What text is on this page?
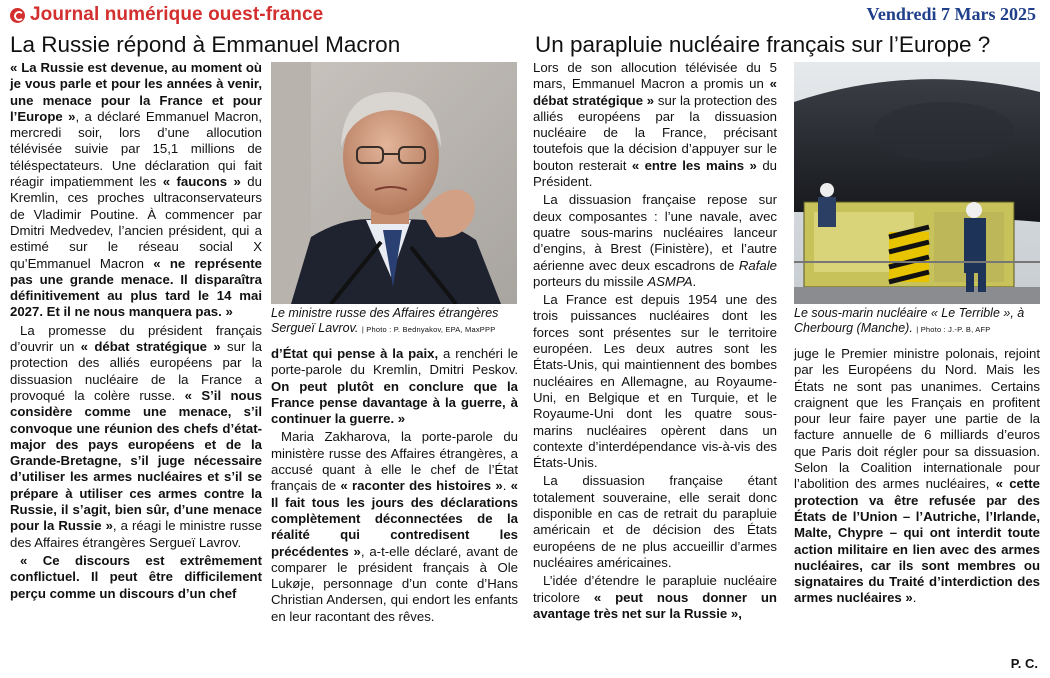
Journal numérique ouest-france	Vendredi 7 Mars 2025
La Russie répond à Emmanuel Macron	Un parapluie nucléaire français sur l’Europe ?

« La Russie est devenue, au moment où je vous parle et pour les années à venir, une menace pour la France et pour l’Europe », a déclaré Emmanuel Macron, mercredi soir, lors d’une allocution télévisée suivie par 15,1 millions de téléspectateurs. Une déclaration qui fait réagir impatiemment les « faucons » du Kremlin, ces proches ultraconservateurs de Vladimir Poutine. À commencer par Dmitri Medvedev, l’ancien président, qui a estimé sur le réseau social X qu’Emmanuel Macron « ne représente pas une grande menace. Il disparaîtra définitivement au plus tard le 14 mai 2027. Et il ne nous manquera pas. »

La promesse du président français d’ouvrir un « débat stratégique » sur la protection des alliés européens par la dissuasion nucléaire de la France a provoqué la colère russe. « S’il nous considère comme une menace, s’il convoque une réunion des chefs d’état-major des pays européens et de la Grande-Bretagne, s’il juge nécessaire d’utiliser les armes nucléaires et s’il se prépare à utiliser ces armes contre la Russie, il s’agit, bien sûr, d’une menace pour la Russie », a réagi le ministre russe des Affaires étrangères Sergueï Lavrov.

« Ce discours est extrêmement conflictuel. Il peut être difficilement perçu comme un discours d’un chef

Le ministre russe des Affaires étrangères Sergueï Lavrov. | Photo : P. Bednyakov, EPA, MaxPPP

d’État qui pense à la paix, a renchéri le porte-parole du Kremlin, Dmitri Peskov. On peut plutôt en conclure que la France pense davantage à la guerre, à continuer la guerre. »

Maria Zakharova, la porte-parole du ministère russe des Affaires étrangères, a accusé quant à elle le chef de l’État français de « raconter des histoires ». « Il fait tous les jours des déclarations complètement déconnectées de la réalité qui contredisent les précédentes », a-t-elle déclaré, avant de comparer le président français à Ole Lukøje, personnage d’un conte d’Hans Christian Andersen, qui endort les enfants en leur racontant des rêves.

Lors de son allocution télévisée du 5 mars, Emmanuel Macron a promis un « débat stratégique » sur la protection des alliés européens par la dissuasion nucléaire de la France, précisant toutefois que la décision d’appuyer sur le bouton resterait « entre les mains » du Président.

La dissuasion française repose sur deux composantes : l’une navale, avec quatre sous-marins nucléaires lanceur d’engins, à Brest (Finistère), et l’autre aérienne avec deux escadrons de Rafale porteurs du missile ASMPA.

La France est depuis 1954 une des trois puissances nucléaires dont les forces sont présentes sur le territoire européen. Les deux autres sont les États-Unis, qui maintiennent des bombes nucléaires en Allemagne, au Royaume-Uni, en Belgique et en Turquie, et le Royaume-Uni dont les quatre sous-marins nucléaires opèrent dans un contexte d’interdépendance vis-à-vis des États-Unis.

La dissuasion française étant totalement souveraine, elle serait donc disponible en cas de retrait du parapluie américain et de décision des États européens de ne plus accueillir d’armes nucléaires américaines.

L’idée d’étendre le parapluie nucléaire tricolore « peut nous donner un avantage très net sur la Russie »,

Le sous-marin nucléaire « Le Terrible », à Cherbourg (Manche). | Photo : J.-P. B, AFP

juge le Premier ministre polonais, rejoint par les Européens du Nord. Mais les États ne sont pas unanimes. Certains craignent que les Français en profitent pour leur faire payer une partie de la facture annuelle de 6 milliards d’euros que Paris doit régler pour sa dissuasion. Selon la Coalition internationale pour l’abolition des armes nucléaires, « cette protection va être refusée par des États de l’Union – l’Autriche, l’Irlande, Malte, Chypre – qui ont interdit toute action militaire en lien avec des armes nucléaires, car ils sont membres ou signataires du Traité d’interdiction des armes nucléaires ».

P. C.
